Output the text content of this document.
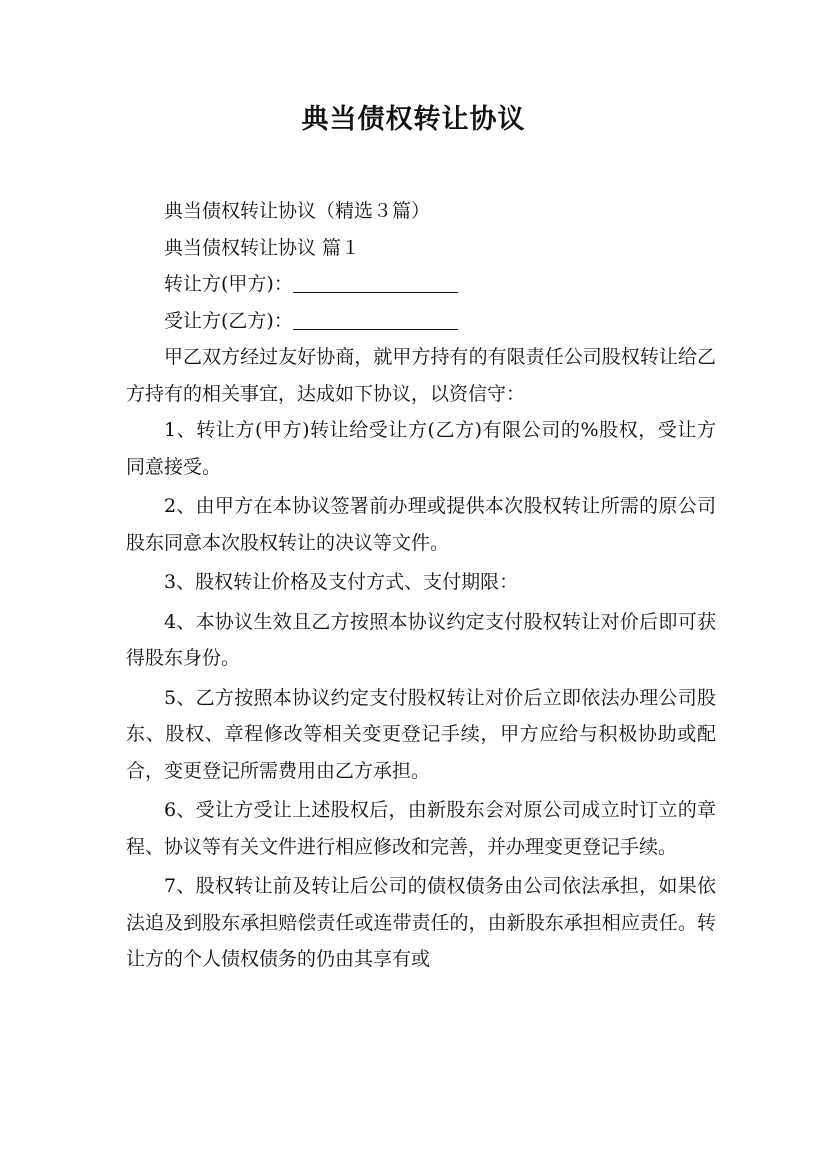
典当债权转让协议

典当债权转让协议（精选３篇）

典当债权转让协议 篇１

转让方(甲方)：

受让方(乙方)：

甲乙双方经过友好协商，就甲方持有的有限责任公司股权转让给乙方持有的相关事宜，达成如下协议，以资信守：

1、转让方(甲方)转让给受让方(乙方)有限公司的%股权，受让方同意接受。

2、由甲方在本协议签署前办理或提供本次股权转让所需的原公司股东同意本次股权转让的决议等文件。

3、股权转让价格及支付方式、支付期限：

4、本协议生效且乙方按照本协议约定支付股权转让对价后即可获得股东身份。

5、乙方按照本协议约定支付股权转让对价后立即依法办理公司股东、股权、章程修改等相关变更登记手续，甲方应给与积极协助或配合，变更登记所需费用由乙方承担。

6、受让方受让上述股权后，由新股东会对原公司成立时订立的章程、协议等有关文件进行相应修改和完善，并办理变更登记手续。

7、股权转让前及转让后公司的债权债务由公司依法承担，如果依法追及到股东承担赔偿责任或连带责任的，由新股东承担相应责任。转让方的个人债权债务的仍由其享有或
